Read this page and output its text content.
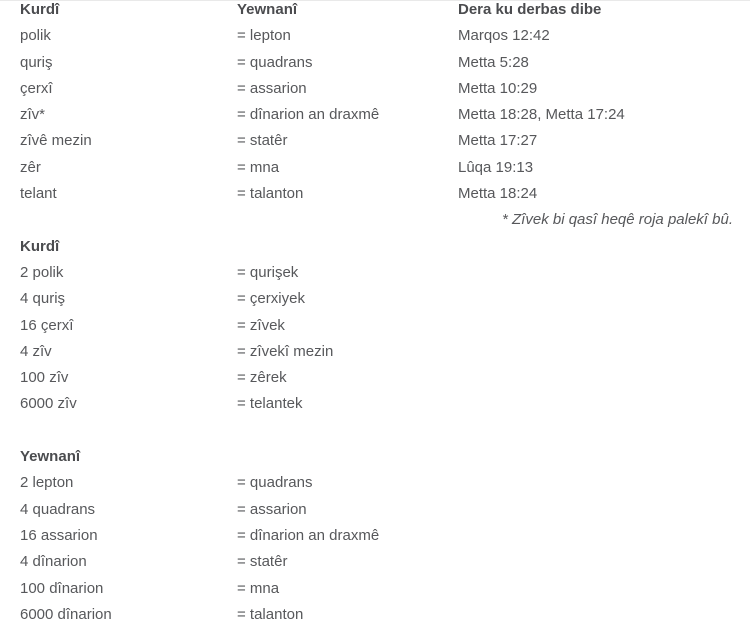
Kurdî	Yewnanî	Dera ku derbas dibe
polik	= lepton	Marqos 12:42
quriş	= quadrans	Metta 5:28
çerxî	= assarion	Metta 10:29
zîv*	= dînarion an draxmê	Metta 18:28, Metta 17:24
zîvê mezin	= statêr	Metta 17:27
zêr	= mna	Lûqa 19:13
telant	= talanton	Metta 18:24
* Zîvek bi qasî heqê roja palekî bû.
Kurdî
2 polik	= qurişek
4 quriş	= çerxiyek
16 çerxî	= zîvek
4 zîv	= zîvekî mezin
100 zîv	= zêrek
6000 zîv	= telantek
Yewnanî
2 lepton	= quadrans
4 quadrans	= assarion
16 assarion	= dînarion an draxmê
4 dînarion	= statêr
100 dînarion	= mna
6000 dînarion	= talanton
